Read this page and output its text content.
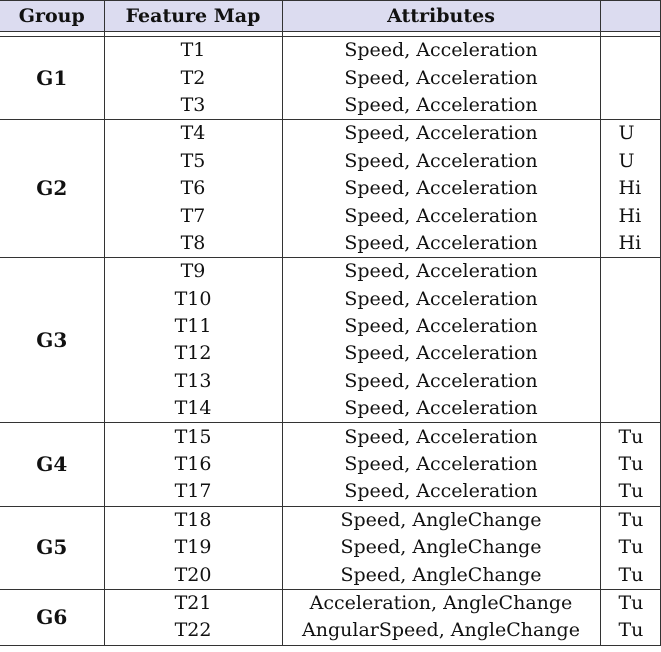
Group	Feature Map	Attributes	

G1	T1	Speed, Acceleration	
	T2	Speed, Acceleration	
	T3	Speed, Acceleration	
G2	T4	Speed, Acceleration	U
	T5	Speed, Acceleration	U
	T6	Speed, Acceleration	Hi
	T7	Speed, Acceleration	Hi
	T8	Speed, Acceleration	Hi
G3	T9	Speed, Acceleration	
	T10	Speed, Acceleration	
	T11	Speed, Acceleration	
	T12	Speed, Acceleration	
	T13	Speed, Acceleration	
	T14	Speed, Acceleration	
G4	T15	Speed, Acceleration	Tu
	T16	Speed, Acceleration	Tu
	T17	Speed, Acceleration	Tu
G5	T18	Speed, AngleChange	Tu
	T19	Speed, AngleChange	Tu
	T20	Speed, AngleChange	Tu
G6	T21	Acceleration, AngleChange	Tu
	T22	AngularSpeed, AngleChange	Tu
